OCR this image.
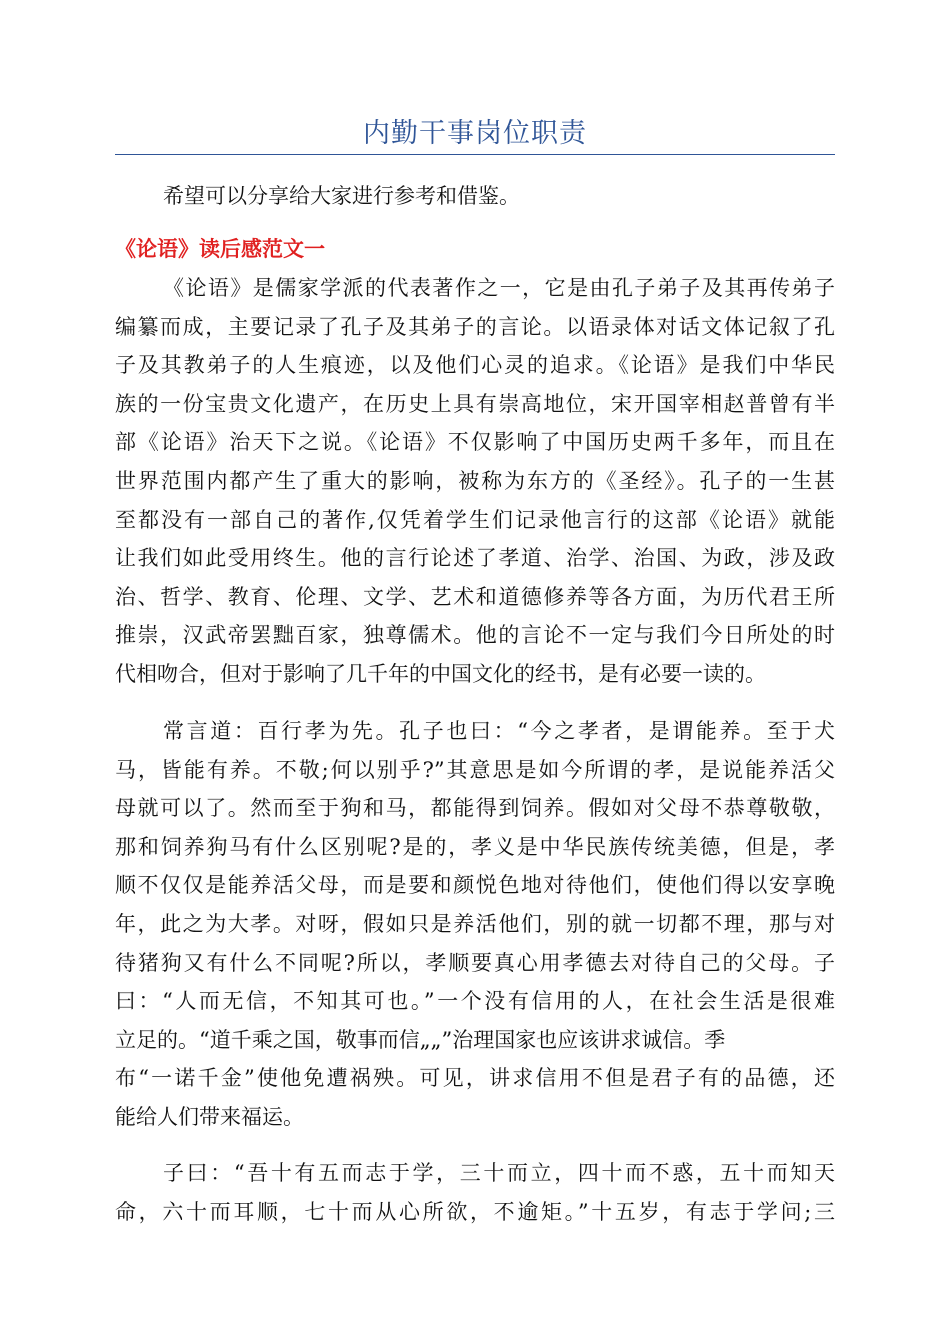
内勤干事岗位职责
希望可以分享给大家进行参考和借鉴。
《论语》读后感范文一
《论语》是儒家学派的代表著作之一，它是由孔子弟子及其再传弟子
编纂而成，主要记录了孔子及其弟子的言论。以语录体对话文体记叙了孔
子及其教弟子的人生痕迹，以及他们心灵的追求。《论语》是我们中华民
族的一份宝贵文化遗产，在历史上具有崇高地位，宋开国宰相赵普曾有半
部《论语》治天下之说。《论语》不仅影响了中国历史两千多年，而且在
世界范围内都产生了重大的影响，被称为东方的《圣经》。孔子的一生甚
至都没有一部自己的著作,仅凭着学生们记录他言行的这部《论语》就能
让我们如此受用终生。他的言行论述了孝道、治学、治国、为政，涉及政
治、哲学、教育、伦理、文学、艺术和道德修养等各方面，为历代君王所
推崇，汉武帝罢黜百家，独尊儒术。他的言论不一定与我们今日所处的时
代相吻合，但对于影响了几千年的中国文化的经书，是有必要一读的。
常言道：百行孝为先。孔子也曰：“今之孝者，是谓能养。至于犬
马，皆能有养。不敬;何以别乎?”其意思是如今所谓的孝，是说能养活父
母就可以了。然而至于狗和马，都能得到饲养。假如对父母不恭尊敬敬，
那和饲养狗马有什么区别呢?是的，孝义是中华民族传统美德，但是，孝
顺不仅仅是能养活父母，而是要和颜悦色地对待他们，使他们得以安享晚
年，此之为大孝。对呀，假如只是养活他们，别的就一切都不理，那与对
待猪狗又有什么不同呢?所以，孝顺要真心用孝德去对待自己的父母。子
曰：“人而无信，不知其可也。”一个没有信用的人，在社会生活是很难
立足的。“道千乘之国，敬事而信„„”治理国家也应该讲求诚信。季
布“一诺千金”使他免遭祸殃。可见，讲求信用不但是君子有的品德，还
能给人们带来福运。
子曰：“吾十有五而志于学，三十而立，四十而不惑，五十而知天
命，六十而耳顺，七十而从心所欲，不逾矩。”十五岁，有志于学问;三
